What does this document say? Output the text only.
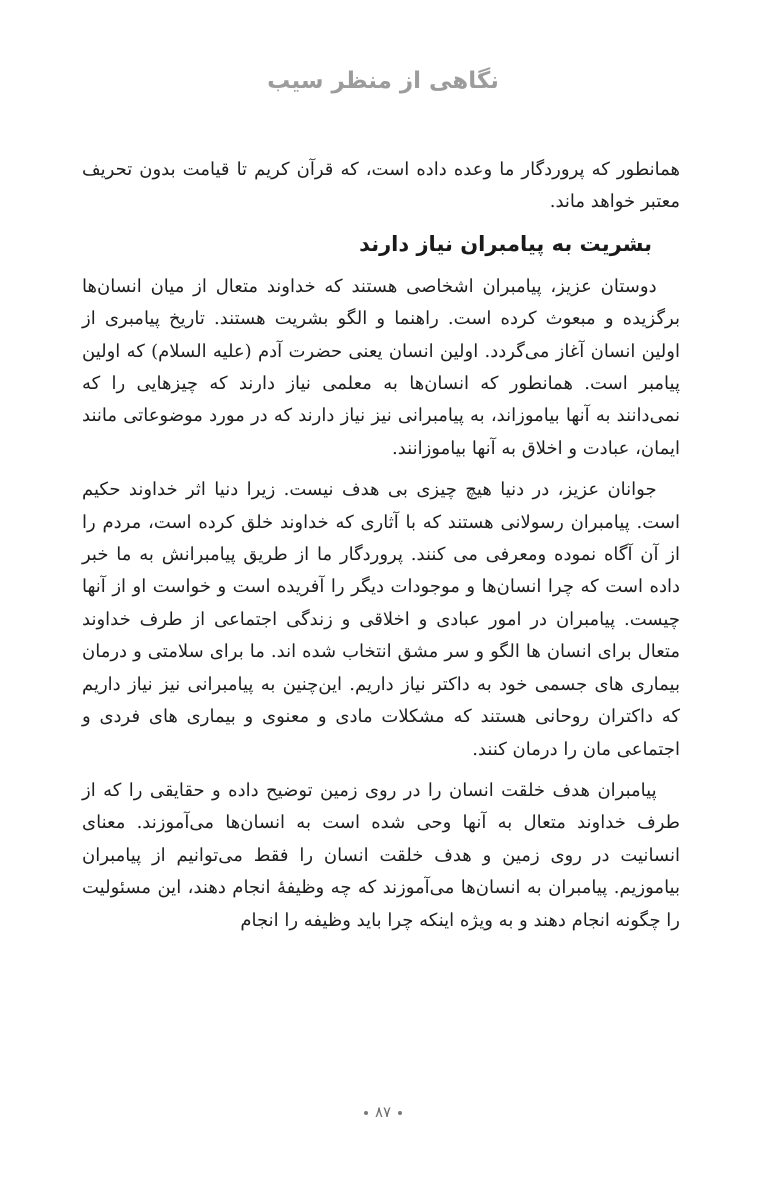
نگاهی از منظر سیب

همانطور که پروردگار ما وعده داده است، که قرآن کریم تا قیامت بدون تحریف معتبر خواهد ماند.

بشریت به پیامبران نیاز دارند

دوستان عزیز، پیامبران اشخاصی هستند که خداوند متعال از میان انسان‌ها برگزیده و مبعوث کرده است. راهنما و الگو بشریت هستند. تاریخ پیامبری از اولین انسان آغاز می‌گردد. اولین انسان یعنی حضرت آدم (علیه السلام) که اولین پیامبر است. همانطور که انسان‌ها به معلمی نیاز دارند که چیزهایی را که نمی‌دانند به آنها بیاموزاند، به پیامبرانی نیز نیاز دارند که در مورد موضوعاتی مانند ایمان، عبادت و اخلاق به آنها بیاموزانند.

جوانان عزیز، در دنیا هیچ چیزی بی هدف نیست. زیرا دنیا اثر خداوند حکیم است. پیامبران رسولانی هستند که با آثاری که خداوند خلق کرده است، مردم را از آن آگاه نموده ومعرفی می کنند. پروردگار ما از طریق پیامبرانش به ما خبر داده است که چرا انسان‌ها و موجودات دیگر را آفریده است و خواست او از آنها چیست. پیامبران در امور عبادی و اخلاقی و زندگی اجتماعی از طرف خداوند متعال برای انسان ها الگو و سر مشق انتخاب شده اند. ما برای سلامتی و درمان بیماری های جسمی خود به داکتر نیاز داریم. این‌چنین به پیامبرانی نیز نیاز داریم که داکتران روحانی هستند که مشکلات مادی و معنوی و بیماری های فردی و اجتماعی مان را درمان کنند.

پیامبران هدف خلقت انسان را در روی زمین توضیح داده و حقایقی را که از طرف خداوند متعال به آنها وحی شده است به انسان‌ها می‌آموزند. معنای انسانیت در روی زمین و هدف خلقت انسان را فقط می‌توانیم از پیامبران بیاموزیم. پیامبران به انسان‌ها می‌آموزند که چه وظیفهٔ انجام دهند، این مسئولیت را چگونه انجام دهند و به ویژه اینکه چرا باید وظیفه را انجام

۸۷
